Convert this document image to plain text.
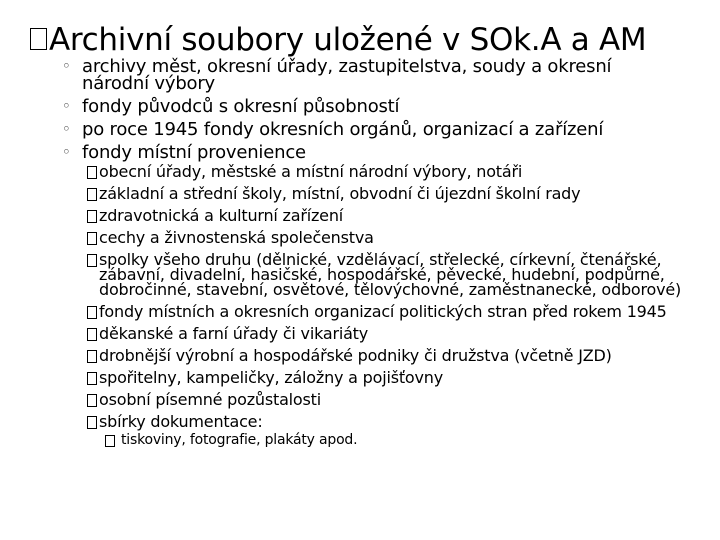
Archivní soubory uložené v SOk.A a AM
◦ archivy měst, okresní úřady, zastupitelstva, soudy a okresní národní výbory
◦ fondy původců s okresní působností
◦ po roce 1945 fondy okresních orgánů, organizací a zařízení
◦ fondy místní provenience
obecní úřady, městské a místní národní výbory, notáři
základní a střední školy, místní, obvodní či újezdní školní rady
zdravotnická a kulturní zařízení
cechy a živnostenská společenstva
spolky všeho druhu (dělnické, vzdělávací, střelecké, církevní, čtenářské, zábavní, divadelní, hasičské, hospodářské, pěvecké, hudební, podpůrné, dobročinné, stavební, osvětové, tělovýchovné, zaměstnanecké, odborové)
fondy místních a okresních organizací politických stran před rokem 1945
děkanské a farní úřady či vikariáty
drobnější výrobní a hospodářské podniky či družstva (včetně JZD)
spořitelny, kampeličky, záložny a pojišťovny
osobní písemné pozůstalosti
sbírky dokumentace:
tiskoviny, fotografie, plakáty apod.
